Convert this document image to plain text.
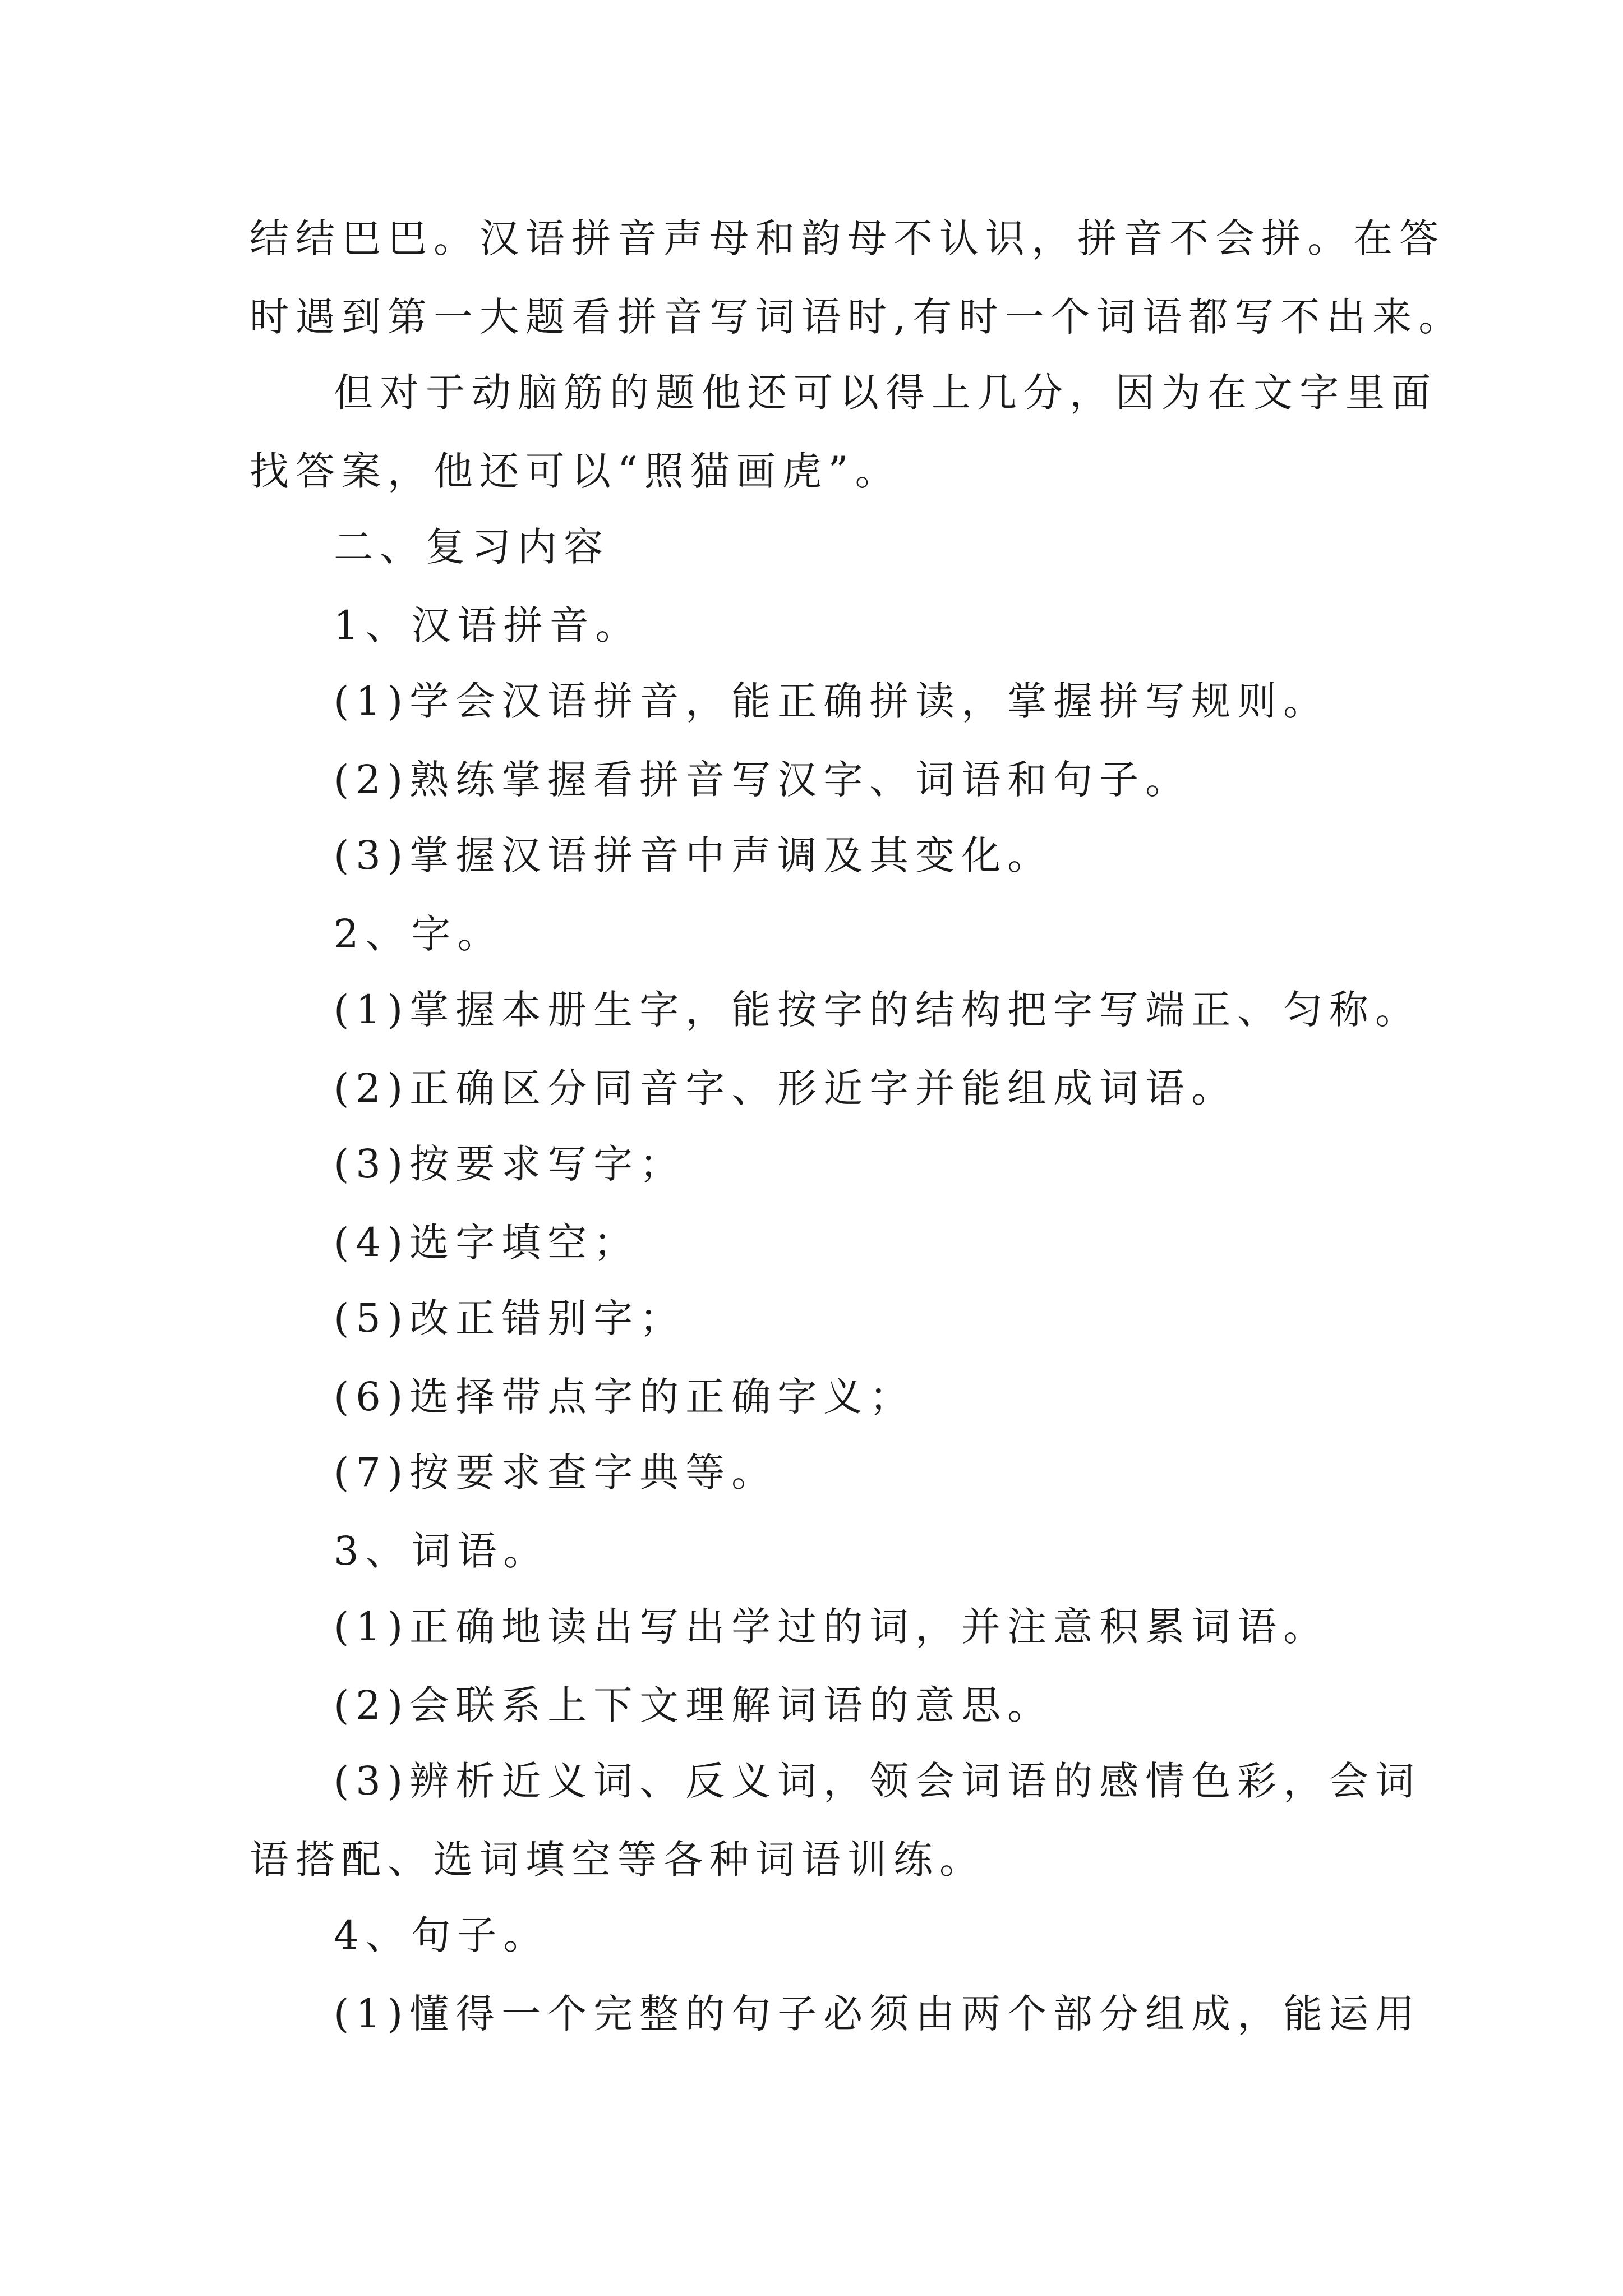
结结巴巴。汉语拼音声母和韵母不认识，拼音不会拼。在答
时遇到第一大题看拼音写词语时,有时一个词语都写不出来。
但对于动脑筋的题他还可以得上几分，因为在文字里面
找答案，他还可以“照猫画虎”。
二、复习内容
1、汉语拼音。
(1)学会汉语拼音，能正确拼读，掌握拼写规则。
(2)熟练掌握看拼音写汉字、词语和句子。
(3)掌握汉语拼音中声调及其变化。
2、字。
(1)掌握本册生字，能按字的结构把字写端正、匀称。
(2)正确区分同音字、形近字并能组成词语。
(3)按要求写字；
(4)选字填空；
(5)改正错别字；
(6)选择带点字的正确字义；
(7)按要求查字典等。
3、词语。
(1)正确地读出写出学过的词，并注意积累词语。
(2)会联系上下文理解词语的意思。
(3)辨析近义词、反义词，领会词语的感情色彩，会词
语搭配、选词填空等各种词语训练。
4、句子。
(1)懂得一个完整的句子必须由两个部分组成，能运用
